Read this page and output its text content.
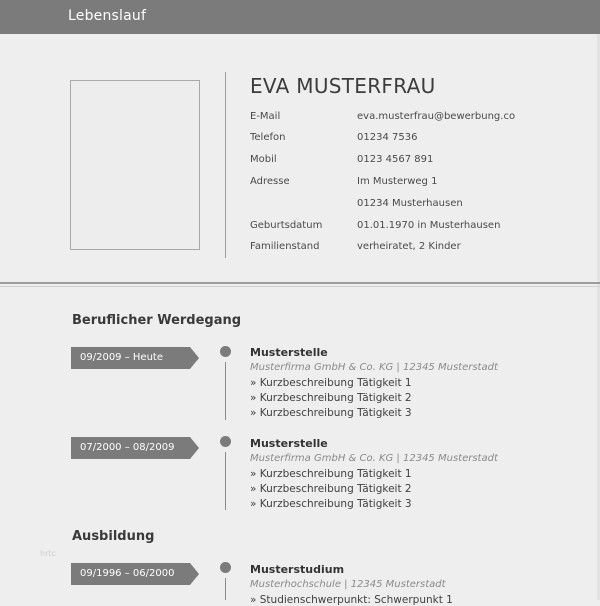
Lebenslauf
EVA MUSTERFRAU
E-Mail	eva.musterfrau@bewerbung.co
Telefon	01234 7536
Mobil	0123 4567 891
Adresse	Im Musterweg 1
01234 Musterhausen
Geburtsdatum	01.01.1970 in Musterhausen
Familienstand	verheiratet, 2 Kinder
Beruflicher Werdegang
09/2009 – Heute	Musterstelle
Musterfirma GmbH & Co. KG | 12345 Musterstadt
» Kurzbeschreibung Tätigkeit 1
» Kurzbeschreibung Tätigkeit 2
» Kurzbeschreibung Tätigkeit 3
07/2000 – 08/2009	Musterstelle
Musterfirma GmbH & Co. KG | 12345 Musterstadt
» Kurzbeschreibung Tätigkeit 1
» Kurzbeschreibung Tätigkeit 2
» Kurzbeschreibung Tätigkeit 3
Ausbildung
hrtc
09/1996 – 06/2000	Musterstudium
Musterhochschule | 12345 Musterstadt
» Studienschwerpunkt: Schwerpunkt 1
